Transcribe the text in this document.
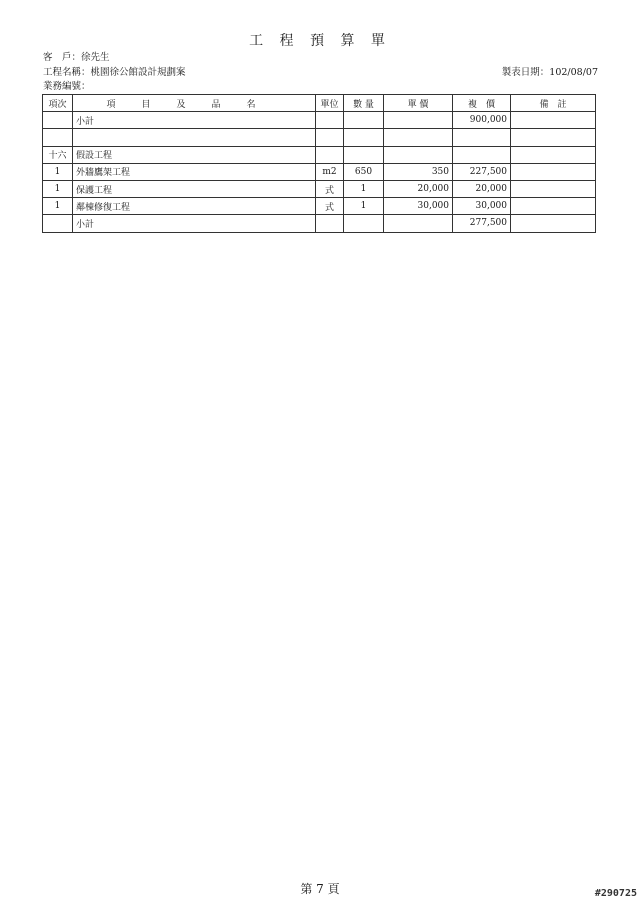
工 程 預 算 單
客　戶：徐先生
工程名稱：桃園徐公館設計規劃案
業務編號：
製表日期：102/08/07
項次	項目及品名	單位	數 量	單 價	複　價	備　註
	小計				900,000	

十六	假設工程					
1	外牆鷹架工程	m2	650	350	227,500	
1	保護工程	式	1	20,000	20,000	
1	鄰棟修復工程	式	1	30,000	30,000	
	小計				277,500	
第 7 頁	#290725
